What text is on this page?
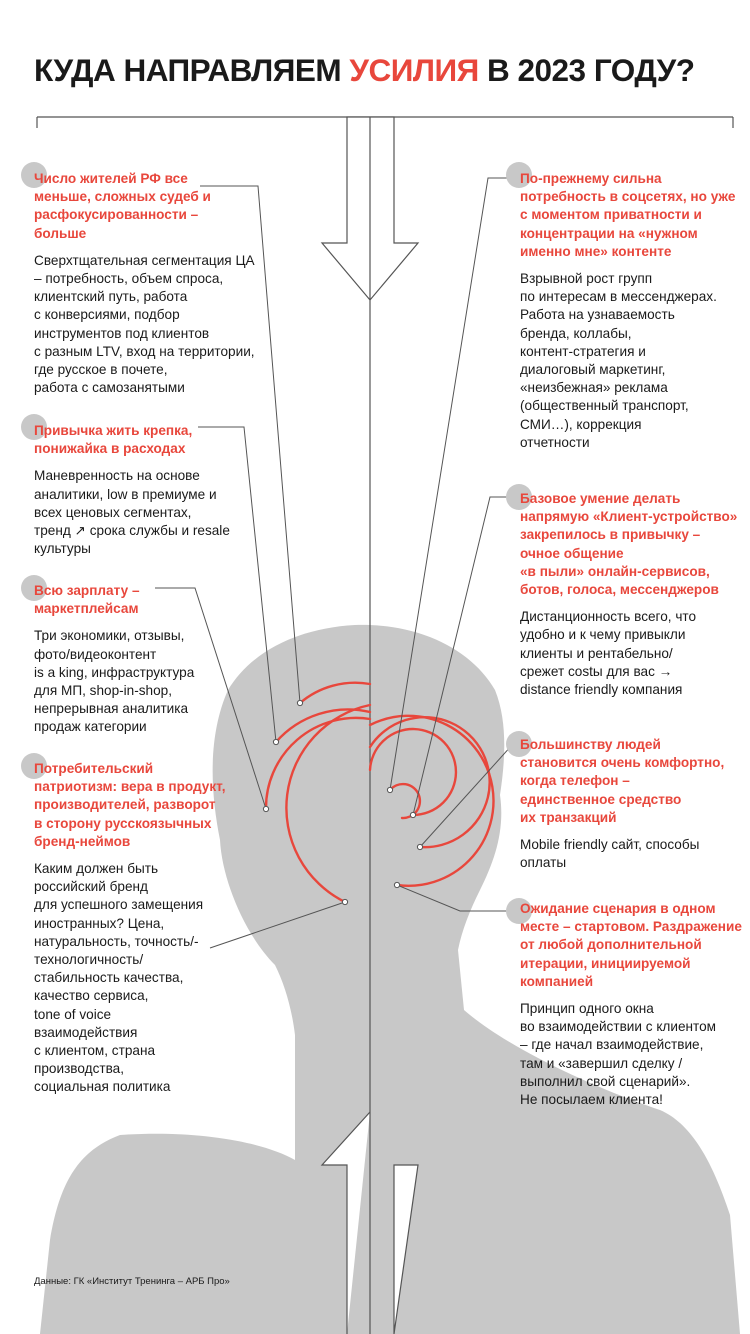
КУДА НАПРАВЛЯЕМ УСИЛИЯ В 2023 ГОДУ?
Число жителей РФ все
меньше, сложных судеб и
расфокусированности –
больше
Сверхтщательная сегментация ЦА
– потребность, объем спроса,
клиентский путь, работа
с конверсиями, подбор
инструментов под клиентов
с разным LTV, вход на территории,
где русское в почете,
работа с самозанятыми
Привычка жить крепка,
понижайка в расходах
Маневренность на основе
аналитики, low в премиуме и
всех ценовых сегментах,
тренд ↗ срока службы и resale
культуры
Всю зарплату –
маркетплейсам
Три экономики, отзывы,
фото/видеоконтент
is a king, инфраструктура
для МП, shop-in-shop,
непрерывная аналитика
продаж категории
Потребительский
патриотизм: вера в продукт,
производителей, разворот
в сторону русскоязычных
бренд-неймов
Каким должен быть
российский бренд
для успешного замещения
иностранных? Цена,
натуральность, точность/-
технологичность/
стабильность качества,
качество сервиса,
tone of voice
взаимодействия
с клиентом, страна
производства,
социальная политика
По-прежнему сильна
потребность в соцсетях, но уже
с моментом приватности и
концентрации на «нужном
именно мне» контенте
Взрывной рост групп
по интересам в мессенджерах.
Работа на узнаваемость
бренда, коллабы,
контент-стратегия и
диалоговый маркетинг,
«неизбежная» реклама
(общественный транспорт,
СМИ…), коррекция
отчетности
Базовое умение делать
напрямую «Клиент-устройство»
закрепилось в привычку –
очное общение
«в пыли» онлайн-сервисов,
ботов, голоса, мессенджеров
Дистанционность всего, что
удобно и к чему привыкли
клиенты и рентабельно/
срежет costы для вас →
distance friendly компания
Большинству людей
становится очень комфортно,
когда телефон –
единственное средство
их транзакций
Mobile friendly сайт, способы
оплаты
Ожидание сценария в одном
месте – стартовом. Раздражение
от любой дополнительной
итерации, инициируемой
компанией
Принцип одного окна
во взаимодействии с клиентом
– где начал взаимодействие,
там и «завершил сделку /
выполнил свой сценарий».
Не посылаем клиента!
Данные: ГК «Институт Тренинга – АРБ Про»
